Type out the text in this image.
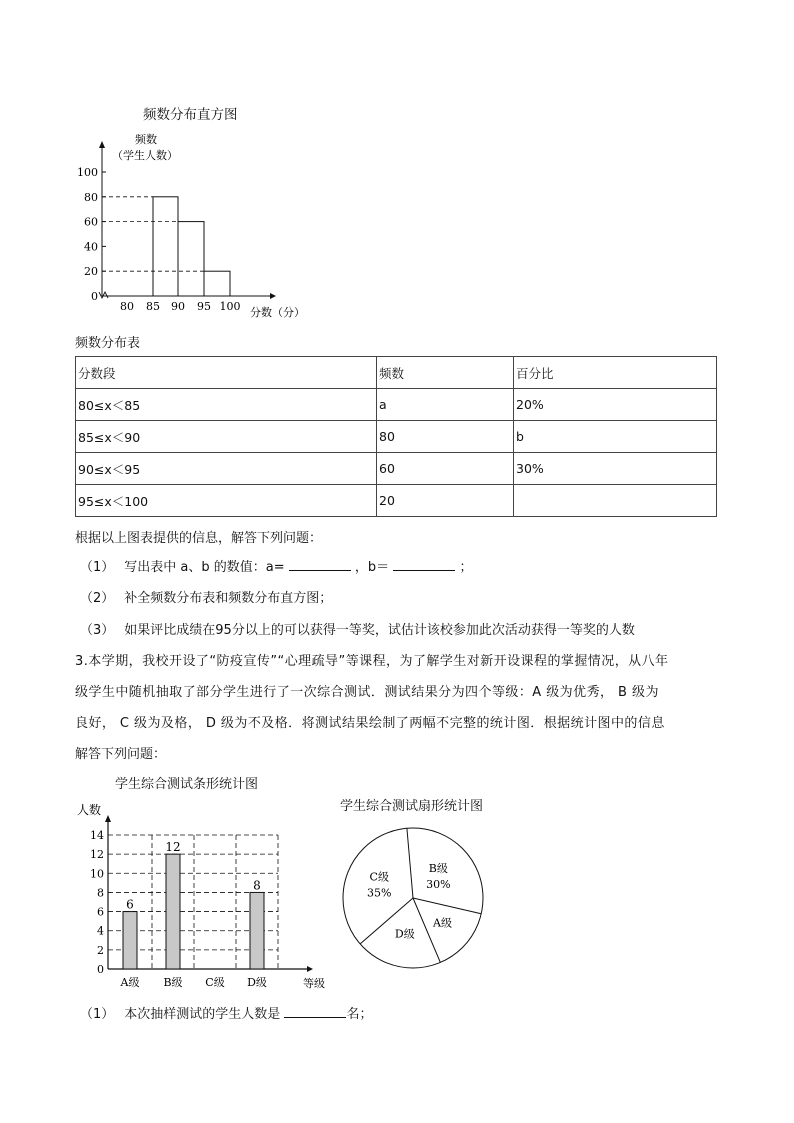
频数分布直方图
频数
（学生人数）
0
20
40
60
80
100
80 85 90 95 100 分数（分）
频数分布表
分数段	频数	百分比
80≤x＜85	a	20%
85≤x＜90	80	b
90≤x＜95	60	30%
95≤x＜100	20	
根据以上图表提供的信息，解答下列问题：
（1） 写出表中 a、b 的数值：a=	，b＝	；
（2） 补全频数分布表和频数分布直方图；
（3） 如果评比成绩在95分以上的可以获得一等奖，试估计该校参加此次活动获得一等奖的人数
3.本学期，我校开设了“防疫宣传”“心理疏导”等课程，为了解学生对新开设课程的掌握情况，从八年
级学生中随机抽取了部分学生进行了一次综合测试．测试结果分为四个等级：A 级为优秀， B 级为
良好， C 级为及格， D 级为不及格．将测试结果绘制了两幅不完整的统计图．根据统计图中的信息
解答下列问题：
学生综合测试条形统计图
人数
0
2
4
6
8
10
12
14
A级
6
B级
12
C级 D级
8
等级
学生综合测试扇形统计图
B级
30%
A级
D级
C级
35%
（1） 本次抽样测试的学生人数是	名；
